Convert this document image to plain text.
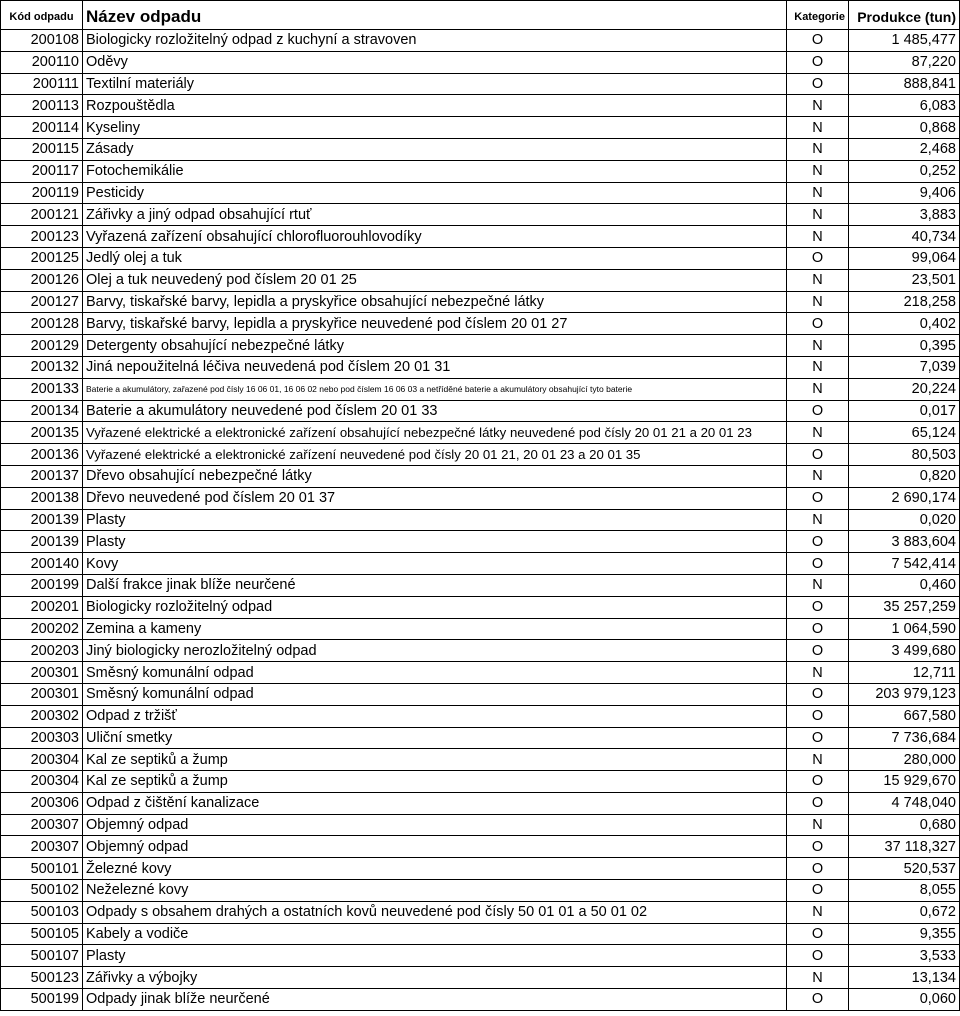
Kód odpadu	Název odpadu	Kategorie	Produkce (tun)
200108	Biologicky rozložitelný odpad z kuchyní a stravoven	O	1 485,477
200110	Oděvy	O	87,220
200111	Textilní materiály	O	888,841
200113	Rozpouštědla	N	6,083
200114	Kyseliny	N	0,868
200115	Zásady	N	2,468
200117	Fotochemikálie	N	0,252
200119	Pesticidy	N	9,406
200121	Zářivky a jiný odpad obsahující rtuť	N	3,883
200123	Vyřazená zařízení obsahující chlorofluorouhlovodíky	N	40,734
200125	Jedlý olej a tuk	O	99,064
200126	Olej a tuk neuvedený pod číslem 20 01 25	N	23,501
200127	Barvy, tiskařské barvy, lepidla a pryskyřice obsahující nebezpečné látky	N	218,258
200128	Barvy, tiskařské barvy, lepidla a pryskyřice neuvedené pod číslem 20 01 27	O	0,402
200129	Detergenty obsahující nebezpečné látky	N	0,395
200132	Jiná nepoužitelná léčiva neuvedená pod číslem 20 01 31	N	7,039
200133	Baterie a akumulátory, zařazené pod čísly 16 06 01, 16 06 02 nebo pod číslem 16 06 03 a netříděné baterie a akumulátory obsahující tyto baterie	N	20,224
200134	Baterie a akumulátory neuvedené pod číslem 20 01 33	O	0,017
200135	Vyřazené elektrické a elektronické zařízení obsahující nebezpečné látky neuvedené pod čísly 20 01 21 a 20 01 23	N	65,124
200136	Vyřazené elektrické a elektronické zařízení neuvedené pod čísly 20 01 21, 20 01 23 a 20 01 35	O	80,503
200137	Dřevo obsahující nebezpečné látky	N	0,820
200138	Dřevo neuvedené pod číslem 20 01 37	O	2 690,174
200139	Plasty	N	0,020
200139	Plasty	O	3 883,604
200140	Kovy	O	7 542,414
200199	Další frakce jinak blíže neurčené	N	0,460
200201	Biologicky rozložitelný odpad	O	35 257,259
200202	Zemina a kameny	O	1 064,590
200203	Jiný biologicky nerozložitelný odpad	O	3 499,680
200301	Směsný komunální odpad	N	12,711
200301	Směsný komunální odpad	O	203 979,123
200302	Odpad z tržišť	O	667,580
200303	Uliční smetky	O	7 736,684
200304	Kal ze septiků a žump	N	280,000
200304	Kal ze septiků a žump	O	15 929,670
200306	Odpad z čištění kanalizace	O	4 748,040
200307	Objemný odpad	N	0,680
200307	Objemný odpad	O	37 118,327
500101	Železné kovy	O	520,537
500102	Neželezné kovy	O	8,055
500103	Odpady s obsahem drahých a ostatních kovů neuvedené pod čísly 50 01 01 a 50 01 02	N	0,672
500105	Kabely a vodiče	O	9,355
500107	Plasty	O	3,533
500123	Zářivky a výbojky	N	13,134
500199	Odpady jinak blíže neurčené	O	0,060
